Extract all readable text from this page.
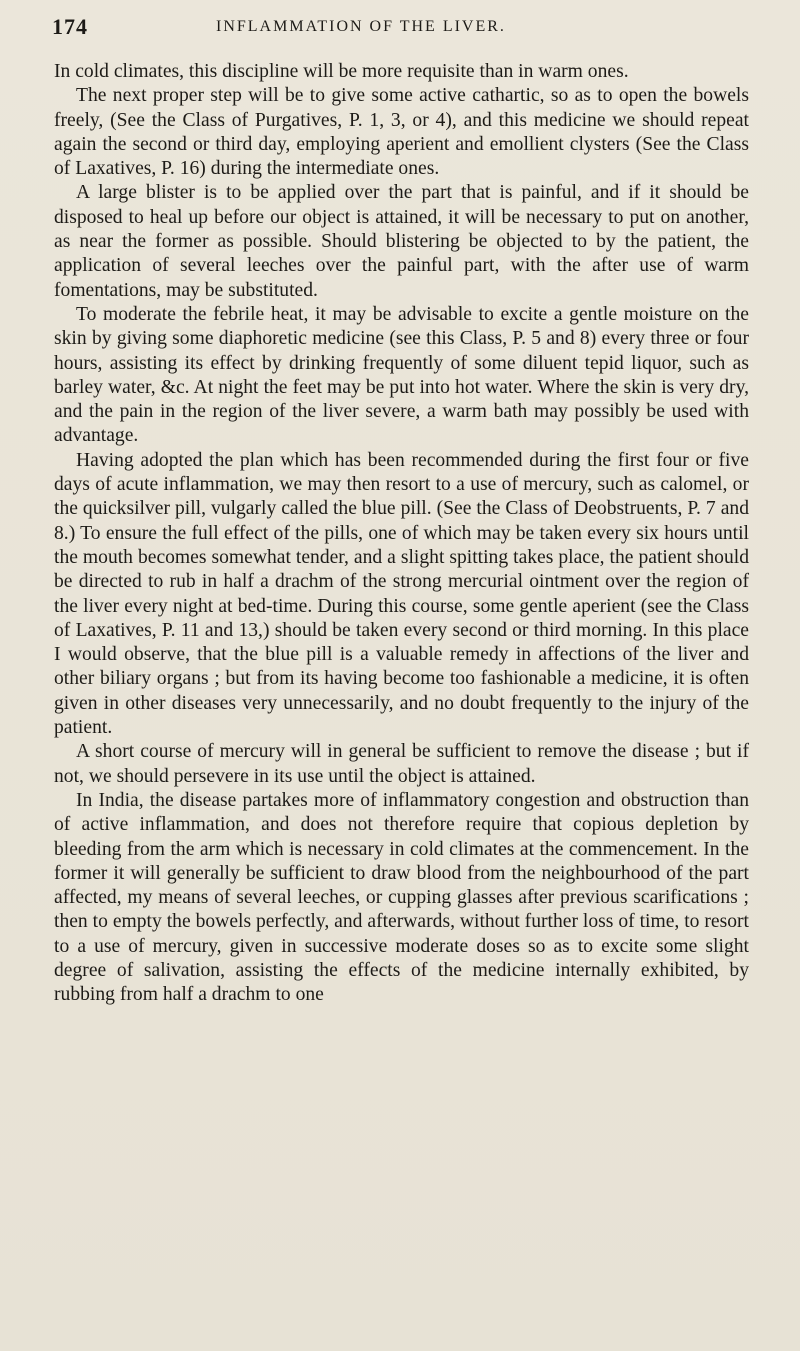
174	INFLAMMATION OF THE LIVER.

In cold climates, this discipline will be more requisite than in warm ones.

The next proper step will be to give some active cathartic, so as to open the bowels freely, (See the Class of Purgatives, P. 1, 3, or 4), and this medicine we should repeat again the second or third day, employing aperient and emollient clysters (See the Class of Laxatives, P. 16) during the intermediate ones.

A large blister is to be applied over the part that is painful, and if it should be disposed to heal up before our object is attained, it will be necessary to put on another, as near the former as possible. Should blistering be objected to by the patient, the application of several leeches over the painful part, with the after use of warm fomentations, may be substituted.

To moderate the febrile heat, it may be advisable to excite a gentle moisture on the skin by giving some diaphoretic medicine (see this Class, P. 5 and 8) every three or four hours, assisting its effect by drinking frequently of some diluent tepid liquor, such as barley water, &c. At night the feet may be put into hot water. Where the skin is very dry, and the pain in the region of the liver severe, a warm bath may possibly be used with advantage.

Having adopted the plan which has been recommended during the first four or five days of acute inflammation, we may then resort to a use of mercury, such as calomel, or the quicksilver pill, vulgarly called the blue pill. (See the Class of Deobstruents, P. 7 and 8.) To ensure the full effect of the pills, one of which may be taken every six hours until the mouth becomes somewhat tender, and a slight spitting takes place, the patient should be directed to rub in half a drachm of the strong mercurial ointment over the region of the liver every night at bed-time. During this course, some gentle aperient (see the Class of Laxatives, P. 11 and 13,) should be taken every second or third morning. In this place I would observe, that the blue pill is a valuable remedy in affections of the liver and other biliary organs ; but from its having become too fashionable a medicine, it is often given in other diseases very unnecessarily, and no doubt frequently to the injury of the patient.

A short course of mercury will in general be sufficient to remove the disease ; but if not, we should persevere in its use until the object is attained.

In India, the disease partakes more of inflammatory congestion and obstruction than of active inflammation, and does not therefore require that copious depletion by bleeding from the arm which is necessary in cold climates at the commencement. In the former it will generally be sufficient to draw blood from the neighbourhood of the part affected, my means of several leeches, or cupping glasses after previous scarifications ; then to empty the bowels perfectly, and afterwards, without further loss of time, to resort to a use of mercury, given in successive moderate doses so as to excite some slight degree of salivation, assisting the effects of the medicine internally exhibited, by rubbing from half a drachm to one
